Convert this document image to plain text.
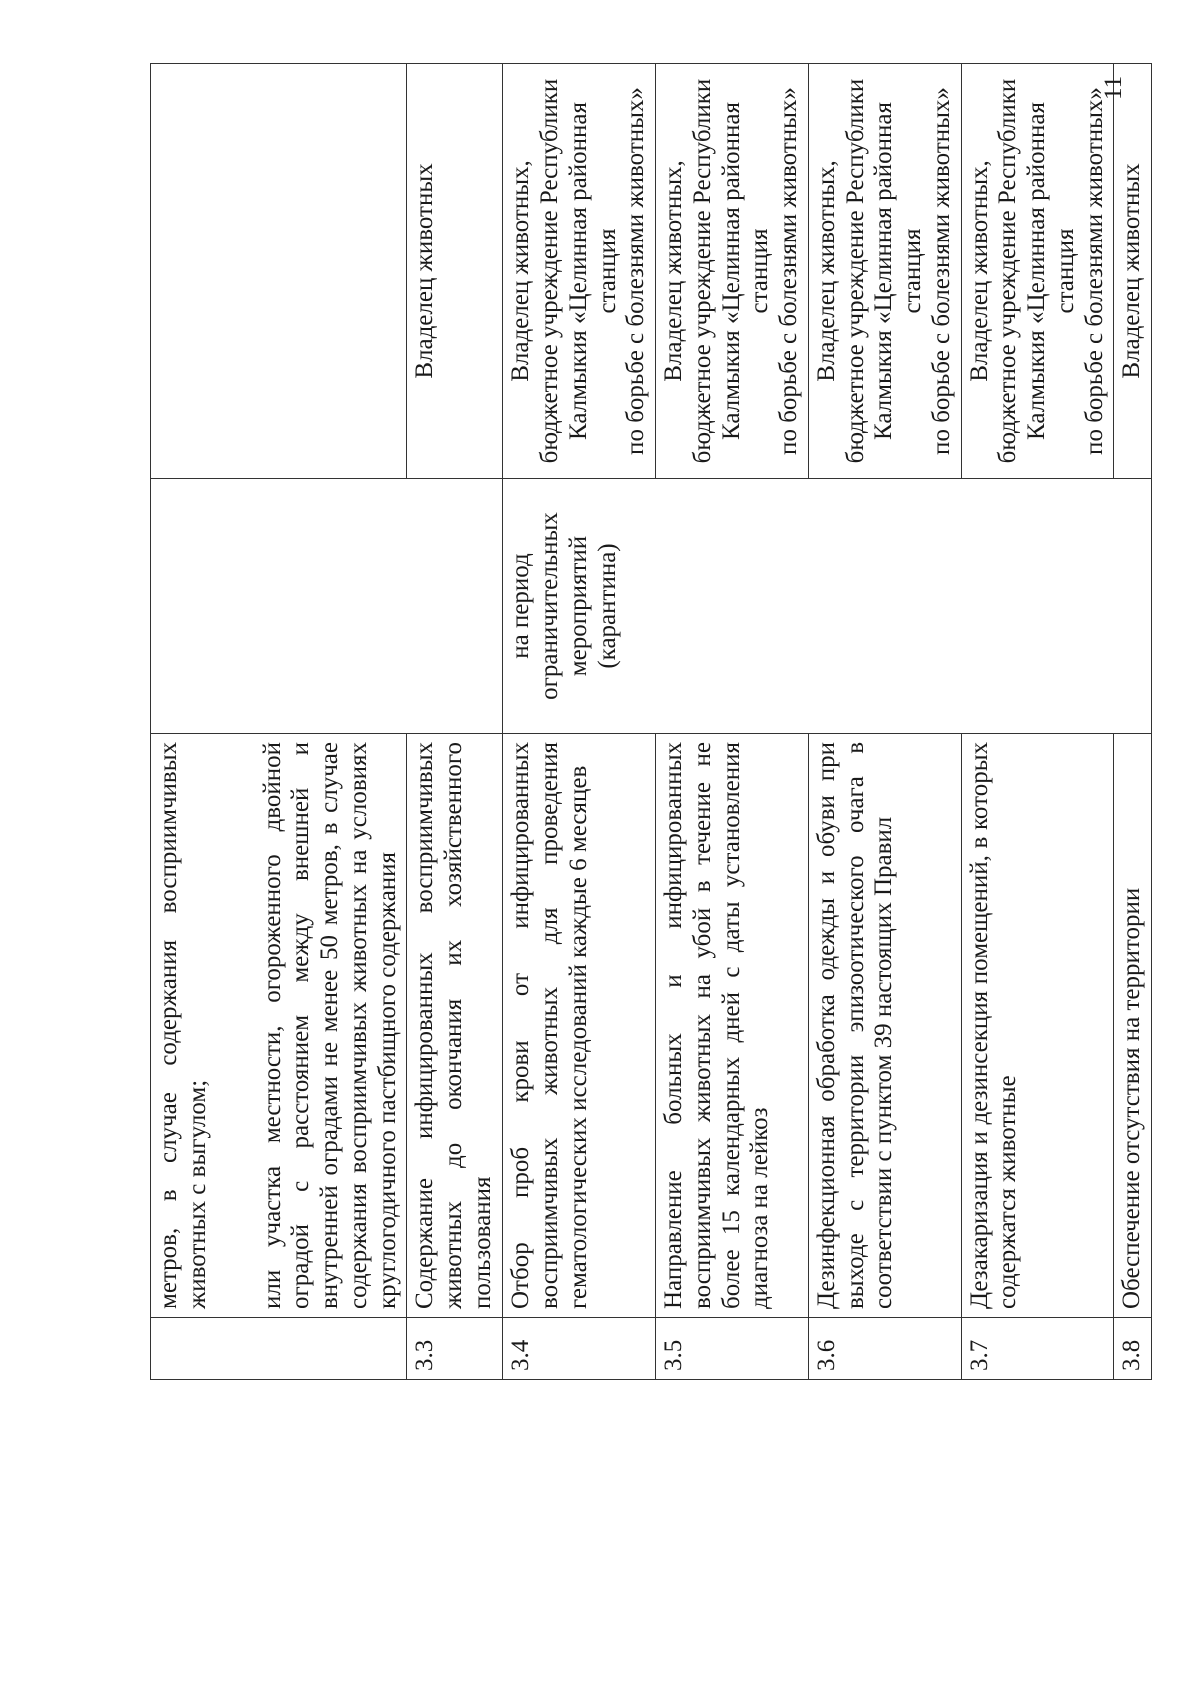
	метров, в случае содержания восприимчивых животных с выгулом; или участка местности, огороженного двойной оградой с расстоянием между внешней и внутренней оградами не менее 50 метров, в случае содержания восприимчивых животных на условиях круглогодичного пастбищного содержания		

3.3	Содержание инфицированных восприимчивых животных до окончания их хозяйственного пользования		Владелец животных

3.4	Отбор проб крови от инфицированных восприимчивых животных для проведения гематологических исследований каждые 6 месяцев	на период ограничительных мероприятий (карантина)	Владелец животных, бюджетное учреждение Республики Калмыкия «Целинная районная станция по борьбе с болезнями животных»

3.5	Направление больных и инфицированных восприимчивых животных на убой в течение не более 15 календарных дней с даты установления диагноза на лейкоз		Владелец животных, бюджетное учреждение Республики Калмыкия «Целинная районная станция по борьбе с болезнями животных»

3.6	Дезинфекционная обработка одежды и обуви при выходе с территории эпизоотического очага в соответствии с пунктом 39 настоящих Правил		Владелец животных, бюджетное учреждение Республики Калмыкия «Целинная районная станция по борьбе с болезнями животных»

3.7	Дезакаризация и дезинсекция помещений, в которых содержатся животные		Владелец животных, бюджетное учреждение Республики Калмыкия «Целинная районная станция по борьбе с болезнями животных»

3.8	Обеспечение отсутствия на территории		Владелец животных
11
